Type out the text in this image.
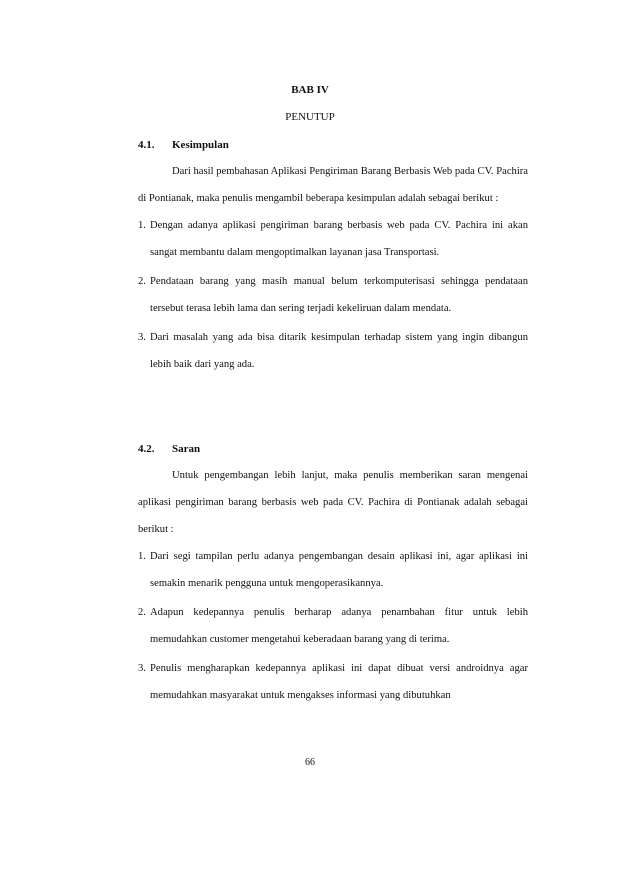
BAB IV
PENUTUP
4.1. Kesimpulan

Dari hasil pembahasan Aplikasi Pengiriman Barang Berbasis Web pada CV. Pachira di Pontianak, maka penulis mengambil beberapa kesimpulan adalah sebagai berikut :

1. Dengan adanya aplikasi pengiriman barang berbasis web pada CV. Pachira ini akan sangat membantu dalam mengoptimalkan layanan jasa Transportasi.
2. Pendataan barang yang masih manual belum terkomputerisasi sehingga pendataan tersebut terasa lebih lama dan sering terjadi kekeliruan dalam mendata.
3. Dari masalah yang ada bisa ditarik kesimpulan terhadap sistem yang ingin dibangun lebih baik dari yang ada.
4.2. Saran

Untuk pengembangan lebih lanjut, maka penulis memberikan saran mengenai aplikasi pengiriman barang berbasis web pada CV. Pachira di Pontianak adalah sebagai berikut :

1. Dari segi tampilan perlu adanya pengembangan desain aplikasi ini, agar aplikasi ini semakin menarik pengguna untuk mengoperasikannya.
2. Adapun kedepannya penulis berharap adanya penambahan fitur untuk lebih memudahkan customer mengetahui keberadaan barang yang di terima.
3. Penulis mengharapkan kedepannya aplikasi ini dapat dibuat versi androidnya agar memudahkan masyarakat untuk mengakses informasi yang dibutuhkan
66
